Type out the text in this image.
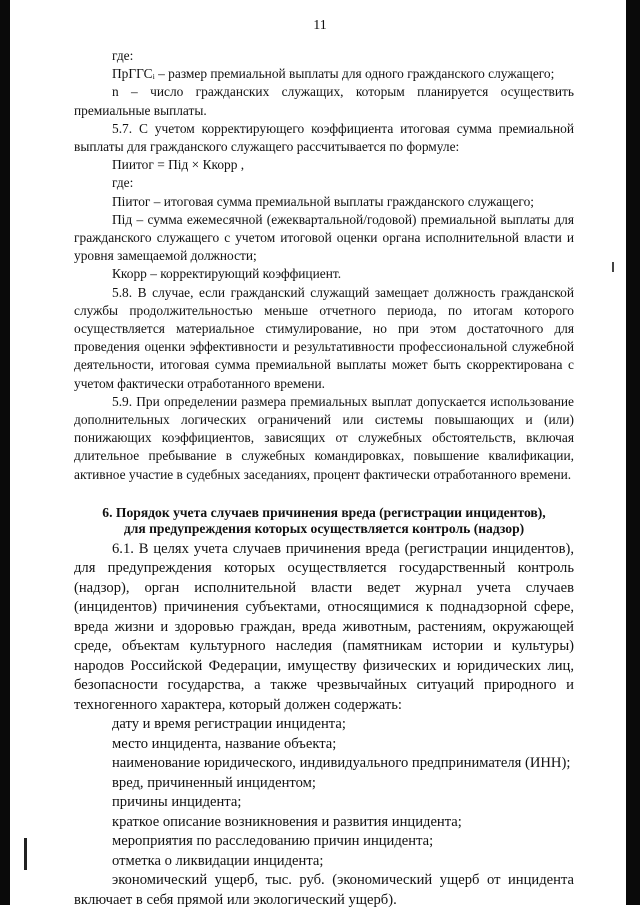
11

где:

ПрГГСᵢ – размер премиальной выплаты для одного гражданского служащего;

n – число гражданских служащих, которым планируется осуществить премиальные выплаты.

5.7. С учетом корректирующего коэффициента итоговая сумма премиальной выплаты для гражданского служащего рассчитывается по формуле:

Пиитог = Пiд × Ккорр ,

где:

Пiитог – итоговая сумма премиальной выплаты гражданского служащего;

Пiд – сумма ежемесячной (ежеквартальной/годовой) премиальной выплаты для гражданского служащего с учетом итоговой оценки органа исполнительной власти и уровня замещаемой должности;

Ккорр – корректирующий коэффициент.

5.8. В случае, если гражданский служащий замещает должность гражданской службы продолжительностью меньше отчетного периода, по итогам которого осуществляется материальное стимулирование, но при этом достаточного для проведения оценки эффективности и результативности профессиональной служебной деятельности, итоговая сумма премиальной выплаты может быть скорректирована с учетом фактически отработанного времени.

5.9. При определении размера премиальных выплат допускается использование дополнительных логических ограничений или системы повышающих и (или) понижающих коэффициентов, зависящих от служебных обстоятельств, включая длительное пребывание в служебных командировках, повышение квалификации, активное участие в судебных заседаниях, процент фактически отработанного времени.

6. Порядок учета случаев причинения вреда (регистрации инцидентов),
для предупреждения которых осуществляется контроль (надзор)

6.1. В целях учета случаев причинения вреда (регистрации инцидентов), для предупреждения которых осуществляется государственный контроль (надзор), орган исполнительной власти ведет журнал учета случаев (инцидентов) причинения субъектами, относящимися к поднадзорной сфере, вреда жизни и здоровью граждан, вреда животным, растениям, окружающей среде, объектам культурного наследия (памятникам истории и культуры) народов Российской Федерации, имуществу физических и юридических лиц, безопасности государства, а также чрезвычайных ситуаций природного и техногенного характера, который должен содержать:

дату и время регистрации инцидента;

место инцидента, название объекта;

наименование юридического, индивидуального предпринимателя (ИНН);

вред, причиненный инцидентом;

причины инцидента;

краткое описание возникновения и развития инцидента;

мероприятия по расследованию причин инцидента;

отметка о ликвидации инцидента;

экономический ущерб, тыс. руб. (экономический ущерб от инцидента включает в себя прямой или экологический ущерб).
